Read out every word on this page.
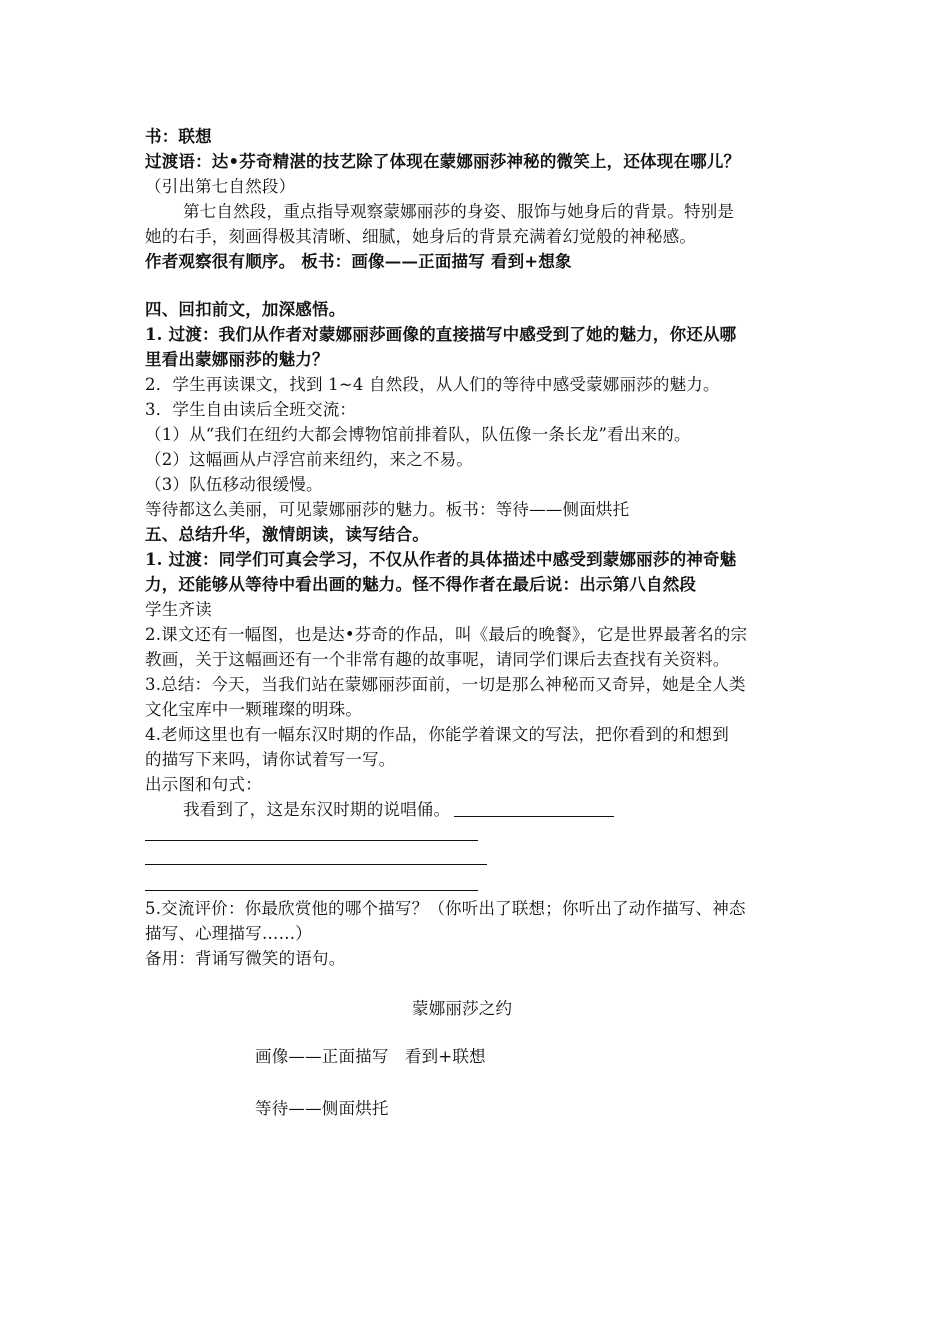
书：联想
过渡语：达•芬奇精湛的技艺除了体现在蒙娜丽莎神秘的微笑上，还体现在哪儿？
（引出第七自然段）
第七自然段，重点指导观察蒙娜丽莎的身姿、服饰与她身后的背景。特别是
她的右手，刻画得极其清晰、细腻，她身后的背景充满着幻觉般的神秘感。
作者观察很有顺序。 板书：画像——正面描写 看到+想象
四、回扣前文，加深感悟。
1. 过渡：我们从作者对蒙娜丽莎画像的直接描写中感受到了她的魅力，你还从哪
里看出蒙娜丽莎的魅力？
2．学生再读课文，找到 1~4 自然段，从人们的等待中感受蒙娜丽莎的魅力。
3．学生自由读后全班交流：
（1）从“我们在纽约大都会博物馆前排着队，队伍像一条长龙”看出来的。
（2）这幅画从卢浮宫前来纽约，来之不易。
（3）队伍移动很缓慢。
等待都这么美丽，可见蒙娜丽莎的魅力。板书：等待——侧面烘托
五、总结升华，激情朗读，读写结合。
1. 过渡：同学们可真会学习，不仅从作者的具体描述中感受到蒙娜丽莎的神奇魅
力，还能够从等待中看出画的魅力。怪不得作者在最后说：出示第八自然段
学生齐读
2.课文还有一幅图，也是达•芬奇的作品，叫《最后的晚餐》，它是世界最著名的宗
教画，关于这幅画还有一个非常有趣的故事呢，请同学们课后去查找有关资料。
3.总结：今天，当我们站在蒙娜丽莎面前，一切是那么神秘而又奇异，她是全人类
文化宝库中一颗璀璨的明珠。
4.老师这里也有一幅东汉时期的作品，你能学着课文的写法，把你看到的和想到
的描写下来吗，请你试着写一写。
出示图和句式：
我看到了，这是东汉时期的说唱俑。
5.交流评价：你最欣赏他的哪个描写？（你听出了联想；你听出了动作描写、神态
描写、心理描写……）
备用：背诵写微笑的语句。
蒙娜丽莎之约
画像——正面描写   看到+联想
等待——侧面烘托
